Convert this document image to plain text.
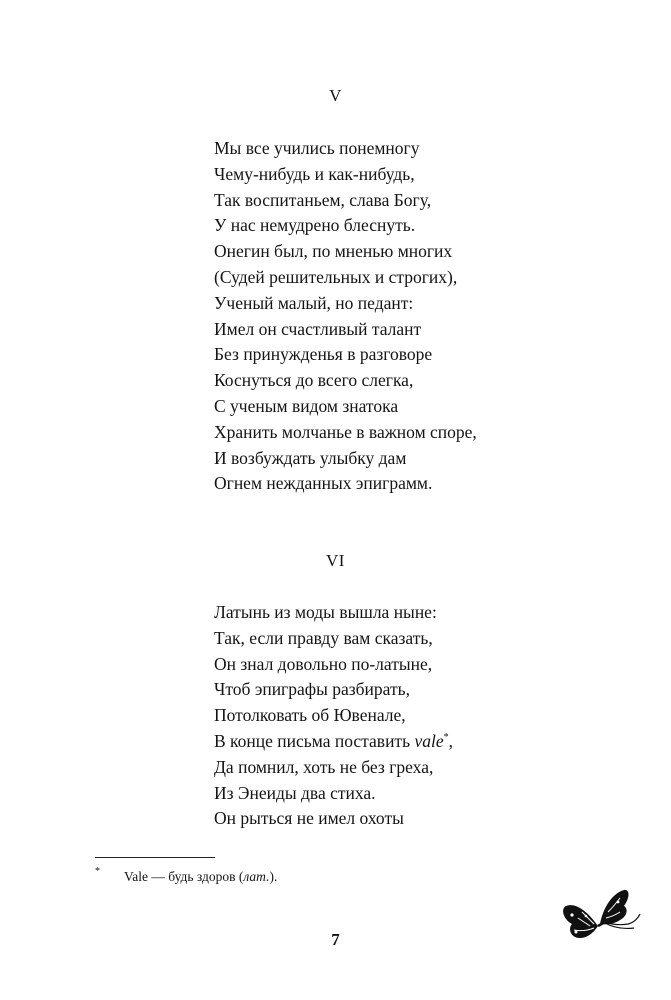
V
Мы все учились понемногу
Чему-нибудь и как-нибудь,
Так воспитаньем, слава Богу,
У нас немудрено блеснуть.
Онегин был, по мненью многих
(Судей решительных и строгих),
Ученый малый, но педант:
Имел он счастливый талант
Без принужденья в разговоре
Коснуться до всего слегка,
С ученым видом знатока
Хранить молчанье в важном споре,
И возбуждать улыбку дам
Огнем нежданных эпиграмм.
VI
Латынь из моды вышла ныне:
Так, если правду вам сказать,
Он знал довольно по-латыне,
Чтоб эпиграфы разбирать,
Потолковать об Ювенале,
В конце письма поставить vale*,
Да помнил, хоть не без греха,
Из Энеиды два стиха.
Он рыться не имел охоты
* Vale — будь здоров (лат.).
7
